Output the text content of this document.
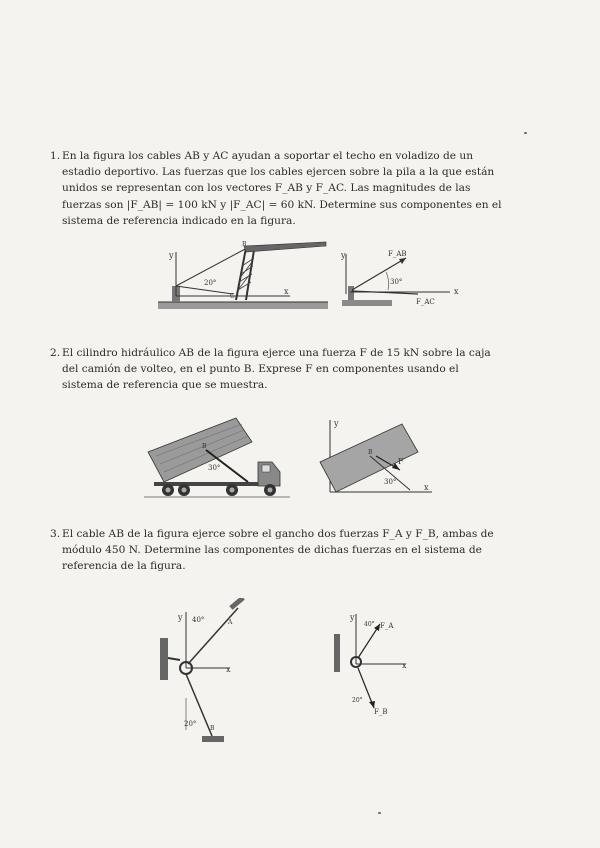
1. En la figura los cables AB y AC ayudan a soportar el techo en voladizo de un estadio deportivo. Las fuerzas que los cables ejercen sobre la pila a la que están unidos se representan con los vectores F_AB y F_AC. Las magnitudes de las fuerzas son |F_AB| = 100 kN y |F_AC| = 60 kN. Determine sus componentes en el sistema de referencia indicado en la figura.
y
x
20°
B
C
y
x
F_AB
F_AC
30°
2. El cilindro hidráulico AB de la figura ejerce una fuerza F de 15 kN sobre la caja del camión de volteo, en el punto B. Exprese F en componentes usando el sistema de referencia que se muestra.
B
30°
y
x
F
30°
B
3. El cable AB de la figura ejerce sobre el gancho dos fuerzas F_A y F_B, ambas de módulo 450 N. Determine las componentes de dichas fuerzas en el sistema de referencia de la figura.
y 40°
x
A
B
20°
y
x
F_A
40°
F_B
20°
